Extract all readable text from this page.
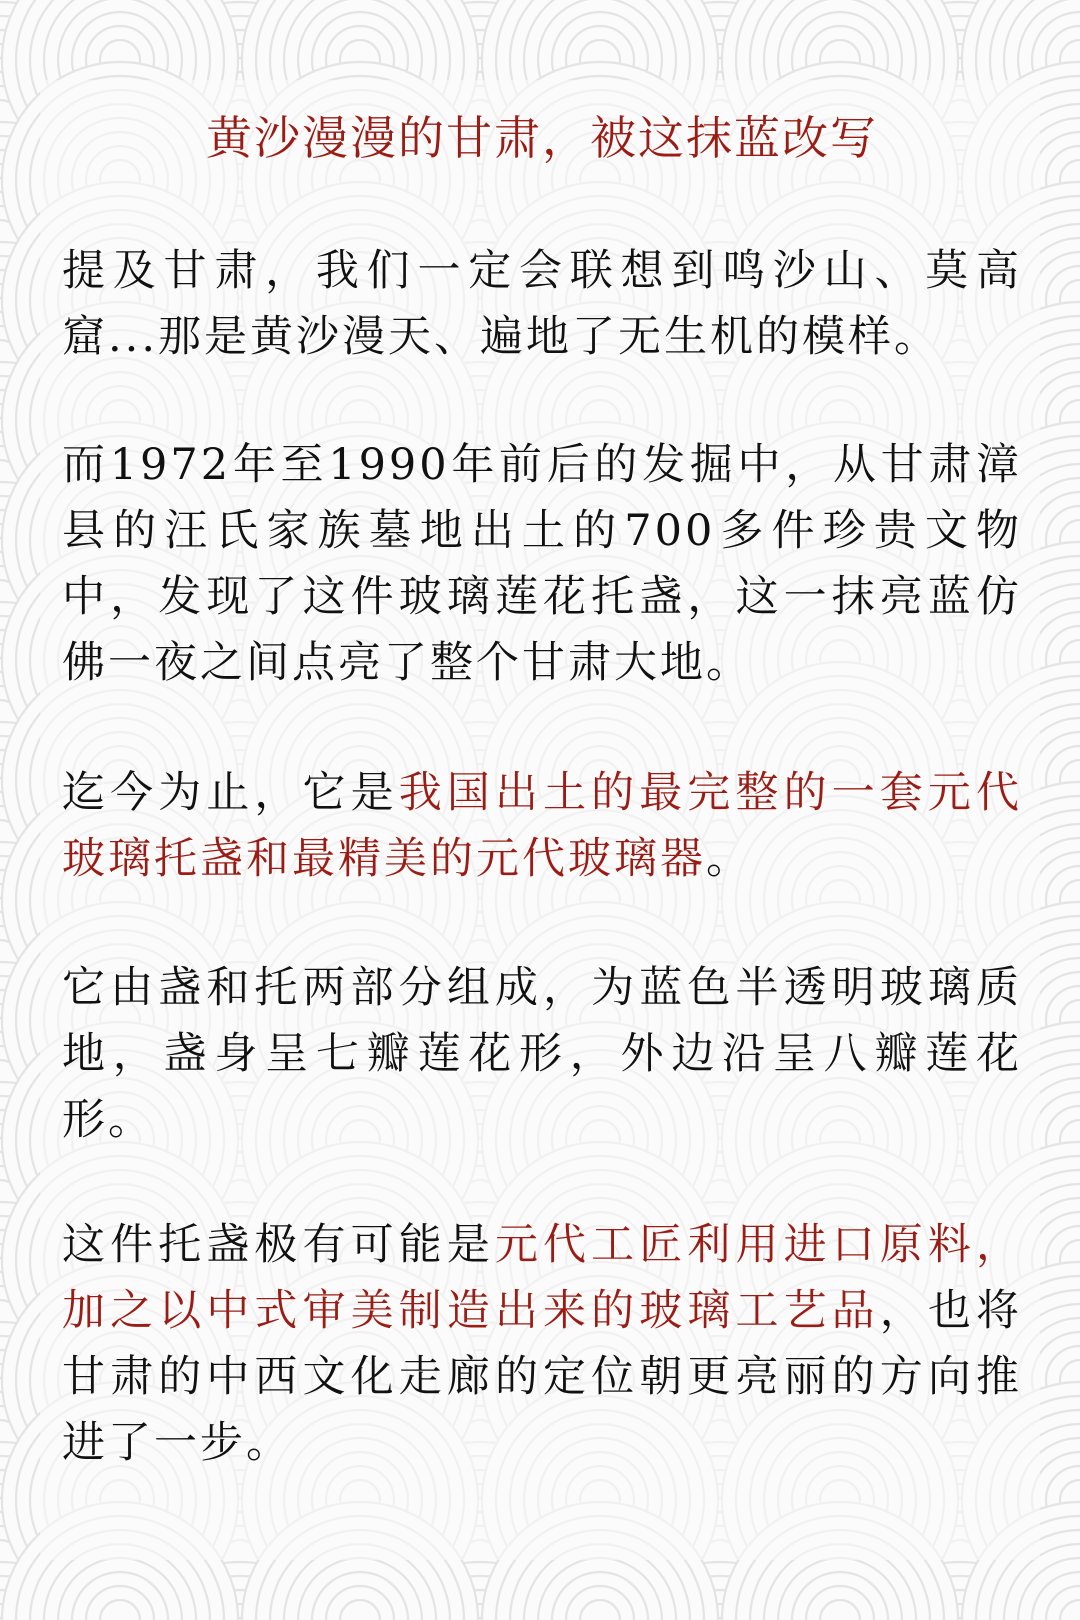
黄沙漫漫的甘肃，被这抹蓝改写

提及甘肃，我们一定会联想到鸣沙山、莫高窟...那是黄沙漫天、遍地了无生机的模样。

而1972年至1990年前后的发掘中，从甘肃漳县的汪氏家族墓地出土的700多件珍贵文物中，发现了这件玻璃莲花托盏，这一抹亮蓝仿佛一夜之间点亮了整个甘肃大地。

迄今为止，它是我国出土的最完整的一套元代玻璃托盏和最精美的元代玻璃器。

它由盏和托两部分组成，为蓝色半透明玻璃质地，盏身呈七瓣莲花形，外边沿呈八瓣莲花形。

这件托盏极有可能是元代工匠利用进口原料，加之以中式审美制造出来的玻璃工艺品，也将甘肃的中西文化走廊的定位朝更亮丽的方向推进了一步。
